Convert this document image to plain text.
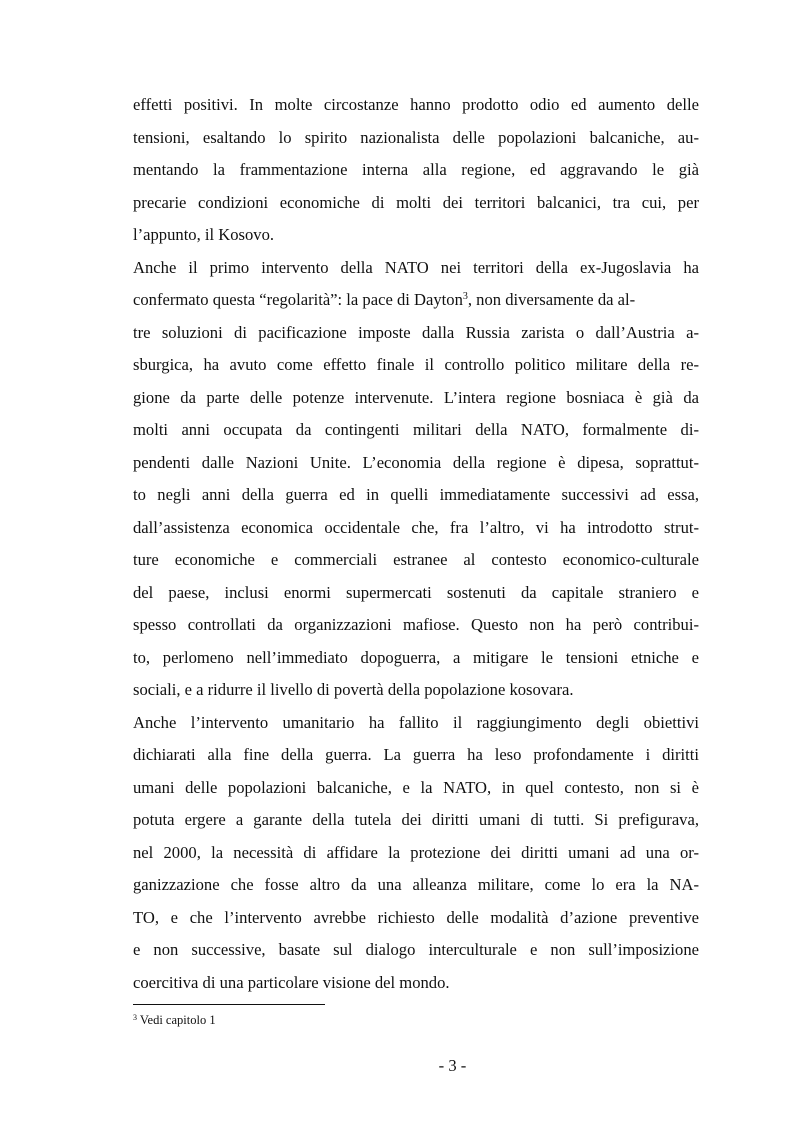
effetti positivi. In molte circostanze hanno prodotto odio ed aumento delle
tensioni, esaltando lo spirito nazionalista delle popolazioni balcaniche, au-
mentando la frammentazione interna alla regione, ed aggravando le già
precarie condizioni economiche di molti dei territori balcanici, tra cui, per
l’appunto, il Kosovo.
Anche il primo intervento della NATO nei territori della ex-Jugoslavia ha
confermato questa “regolarità”: la pace di Dayton$^3$, non diversamente da al-
tre soluzioni di pacificazione imposte dalla Russia zarista o dall’Austria a-
sburgica, ha avuto come effetto finale il controllo politico militare della re-
gione da parte delle potenze intervenute. L’intera regione bosniaca è già da
molti anni occupata da contingenti militari della NATO, formalmente di-
pendenti dalle Nazioni Unite. L’economia della regione è dipesa, soprattut-
to negli anni della guerra ed in quelli immediatamente successivi ad essa,
dall’assistenza economica occidentale che, fra l’altro, vi ha introdotto strut-
ture economiche e commerciali estranee al contesto economico-culturale
del paese, inclusi enormi supermercati sostenuti da capitale straniero e
spesso controllati da organizzazioni mafiose. Questo non ha però contribui-
to, perlomeno nell’immediato dopoguerra, a mitigare le tensioni etniche e
sociali, e a ridurre il livello di povertà della popolazione kosovara.
Anche l’intervento umanitario ha fallito il raggiungimento degli obiettivi
dichiarati alla fine della guerra. La guerra ha leso profondamente i diritti
umani delle popolazioni balcaniche, e la NATO, in quel contesto, non si è
potuta ergere a garante della tutela dei diritti umani di tutti. Si prefigurava,
nel 2000, la necessità di affidare la protezione dei diritti umani ad una or-
ganizzazione che fosse altro da una alleanza militare, come lo era la NA-
TO, e che l’intervento avrebbe richiesto delle modalità d’azione preventive
e non successive, basate sul dialogo interculturale e non sull’imposizione
coercitiva di una particolare visione del mondo.
$^3$ Vedi capitolo 1
- 3 -
